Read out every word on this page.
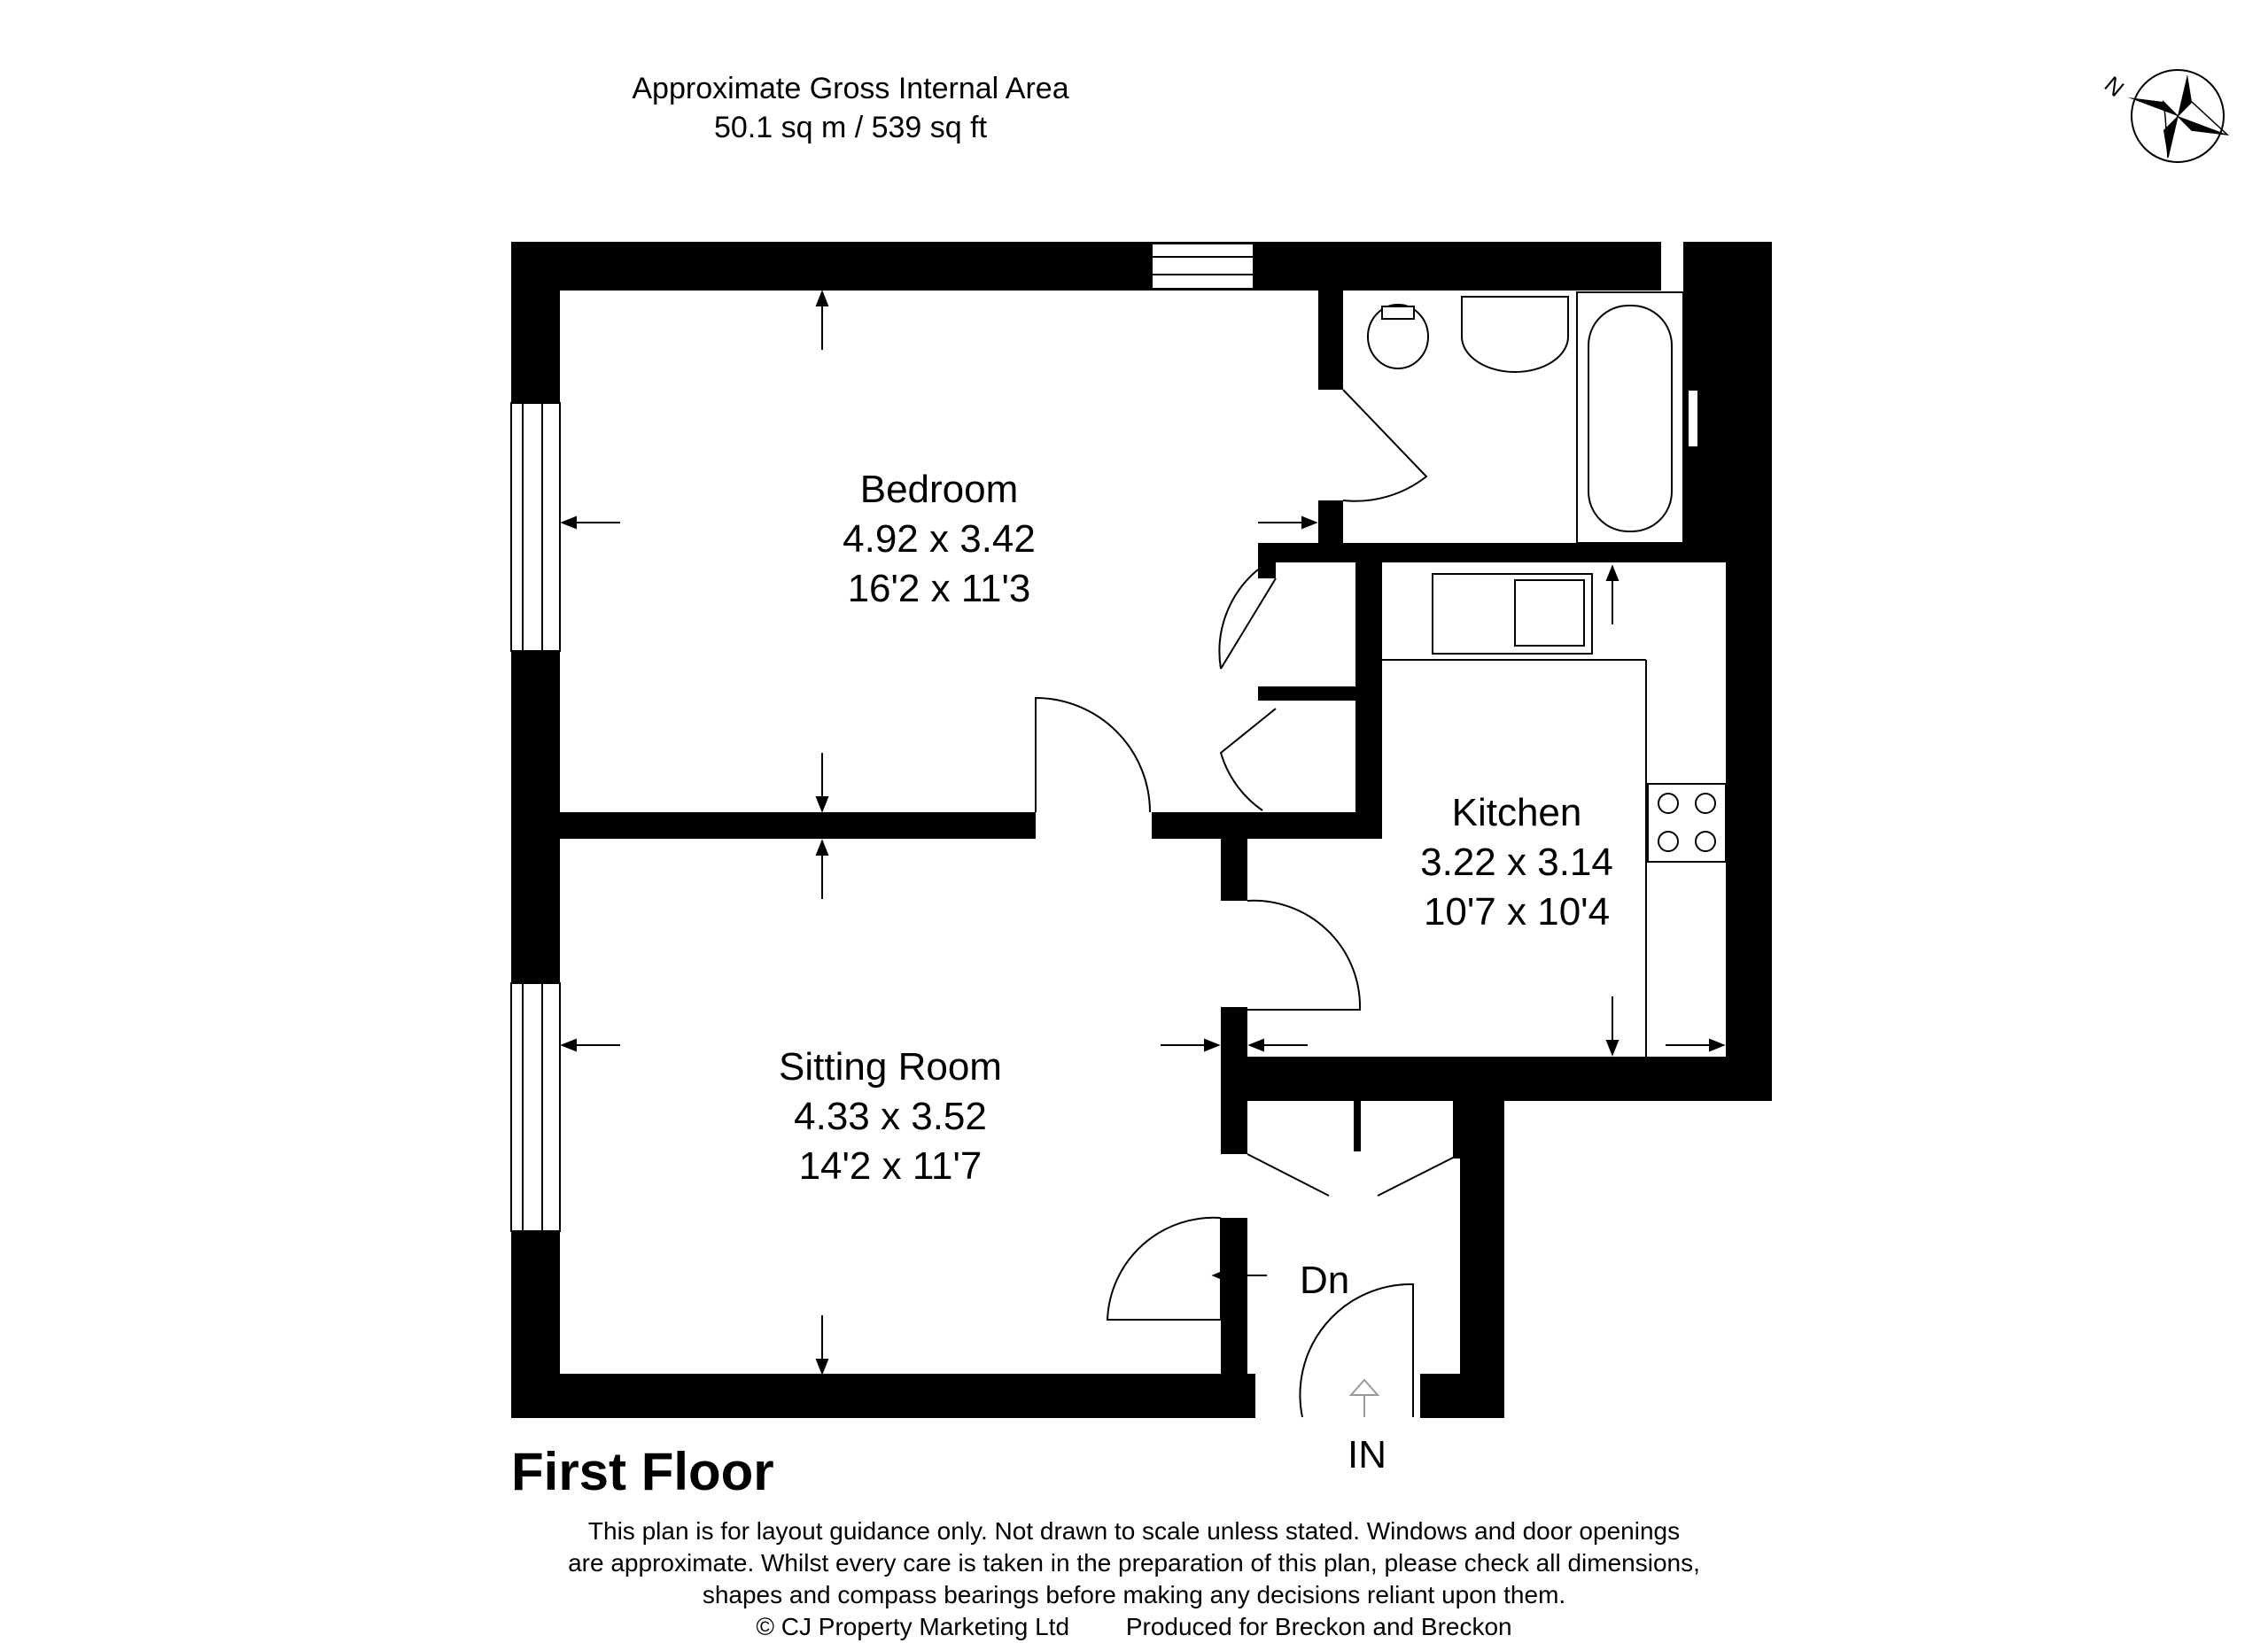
Approximate Gross Internal Area
50.1 sq m / 539 sq ft
N
Bedroom
4.92 x 3.42
16'2 x 11'3
Kitchen
3.22 x 3.14
10'7 x 10'4
Sitting Room
4.33 x 3.52
14'2 x 11'7
Dn
IN
First Floor
This plan is for layout guidance only. Not drawn to scale unless stated. Windows and door openings
are approximate. Whilst every care is taken in the preparation of this plan, please check all dimensions,
shapes and compass bearings before making any decisions reliant upon them.
© CJ Property Marketing Ltd Produced for Breckon and Breckon
